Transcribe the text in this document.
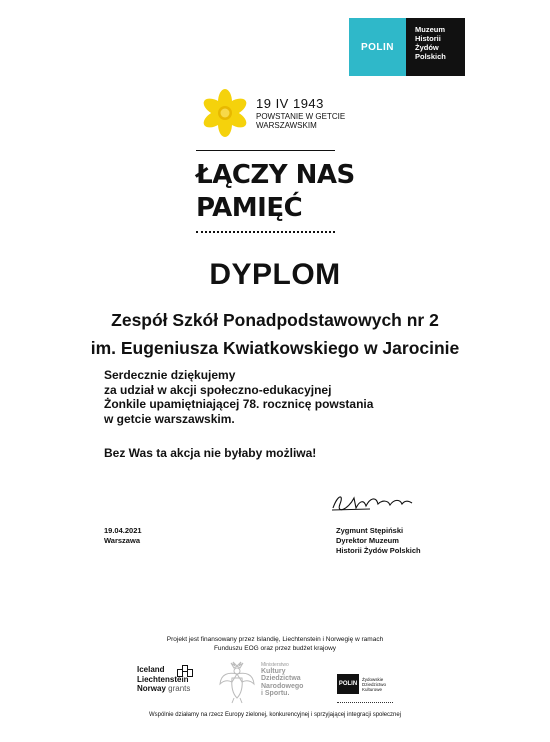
POLIN
Muzeum
Historii
Żydów
Polskich
19 IV 1943
POWSTANIE W GETCIE
WARSZAWSKIM
ŁĄCZY NAS
PAMIĘĆ
DYPLOM
Zespół Szkół Ponadpodstawowych nr 2
im. Eugeniusza Kwiatkowskiego w Jarocinie
Serdecznie dziękujemy
za udział w akcji społeczno-edukacyjnej
Żonkile upamiętniającej 78. rocznicę powstania
w getcie warszawskim.
Bez Was ta akcja nie byłaby możliwa!
Zygmunt Stępiński
Dyrektor Muzeum
Historii Żydów Polskich
19.04.2021
Warszawa
Projekt jest finansowany przez Islandię, Liechtenstein i Norwegię w ramach
Funduszu EOG oraz przez budżet krajowy
Iceland
Liechtenstein
Norway grants
Ministerstwo
Kultury
Dziedzictwa
Narodowego
i Sportu.
POLIN
Żydowskie
Dziedzictwo
Kulturowe
Wspólnie działamy na rzecz Europy zielonej, konkurencyjnej i sprzyjającej integracji społecznej
